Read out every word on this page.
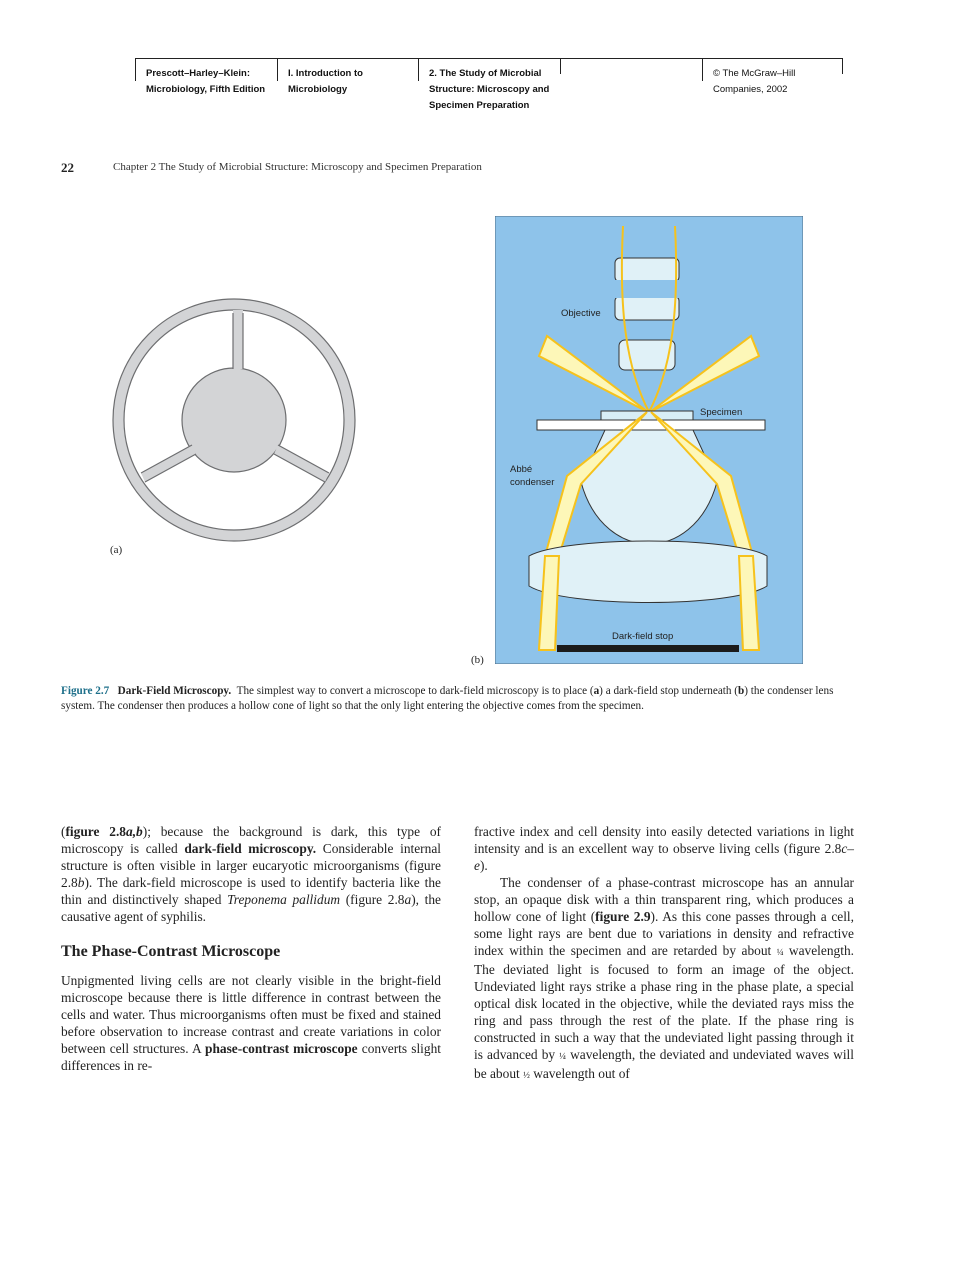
Prescott–Harley–Klein:
Microbiology, Fifth Edition
I. Introduction to
Microbiology
2. The Study of Microbial
Structure: Microscopy and
Specimen Preparation
© The McGraw–Hill
Companies, 2002
22	Chapter 2 The Study of Microbial Structure: Microscopy and Specimen Preparation
(a)
Objective
Specimen
Abbé
condenser
Dark-field stop
(b)
Figure 2.7 Dark-Field Microscopy. The simplest way to convert a microscope to dark-field microscopy is to place (a) a dark-field stop underneath (b) the condenser lens system. The condenser then produces a hollow cone of light so that the only light entering the objective comes from the specimen.

(figure 2.8a,b); because the background is dark, this type of microscopy is called dark-field microscopy. Considerable internal structure is often visible in larger eucaryotic microorganisms (figure 2.8b). The dark-field microscope is used to identify bacteria like the thin and distinctively shaped Treponema pallidum (figure 2.8a), the causative agent of syphilis.

The Phase-Contrast Microscope

Unpigmented living cells are not clearly visible in the bright-field microscope because there is little difference in contrast between the cells and water. Thus microorganisms often must be fixed and stained before observation to increase contrast and create variations in color between cell structures. A phase-contrast microscope converts slight differences in re-

fractive index and cell density into easily detected variations in light intensity and is an excellent way to observe living cells (figure 2.8c–e).

The condenser of a phase-contrast microscope has an annular stop, an opaque disk with a thin transparent ring, which produces a hollow cone of light (figure 2.9). As this cone passes through a cell, some light rays are bent due to variations in density and refractive index within the specimen and are retarded by about ¼ wavelength. The deviated light is focused to form an image of the object. Undeviated light rays strike a phase ring in the phase plate, a special optical disk located in the objective, while the deviated rays miss the ring and pass through the rest of the plate. If the phase ring is constructed in such a way that the undeviated light passing through it is advanced by ¼ wavelength, the deviated and undeviated waves will be about ½ wavelength out of
